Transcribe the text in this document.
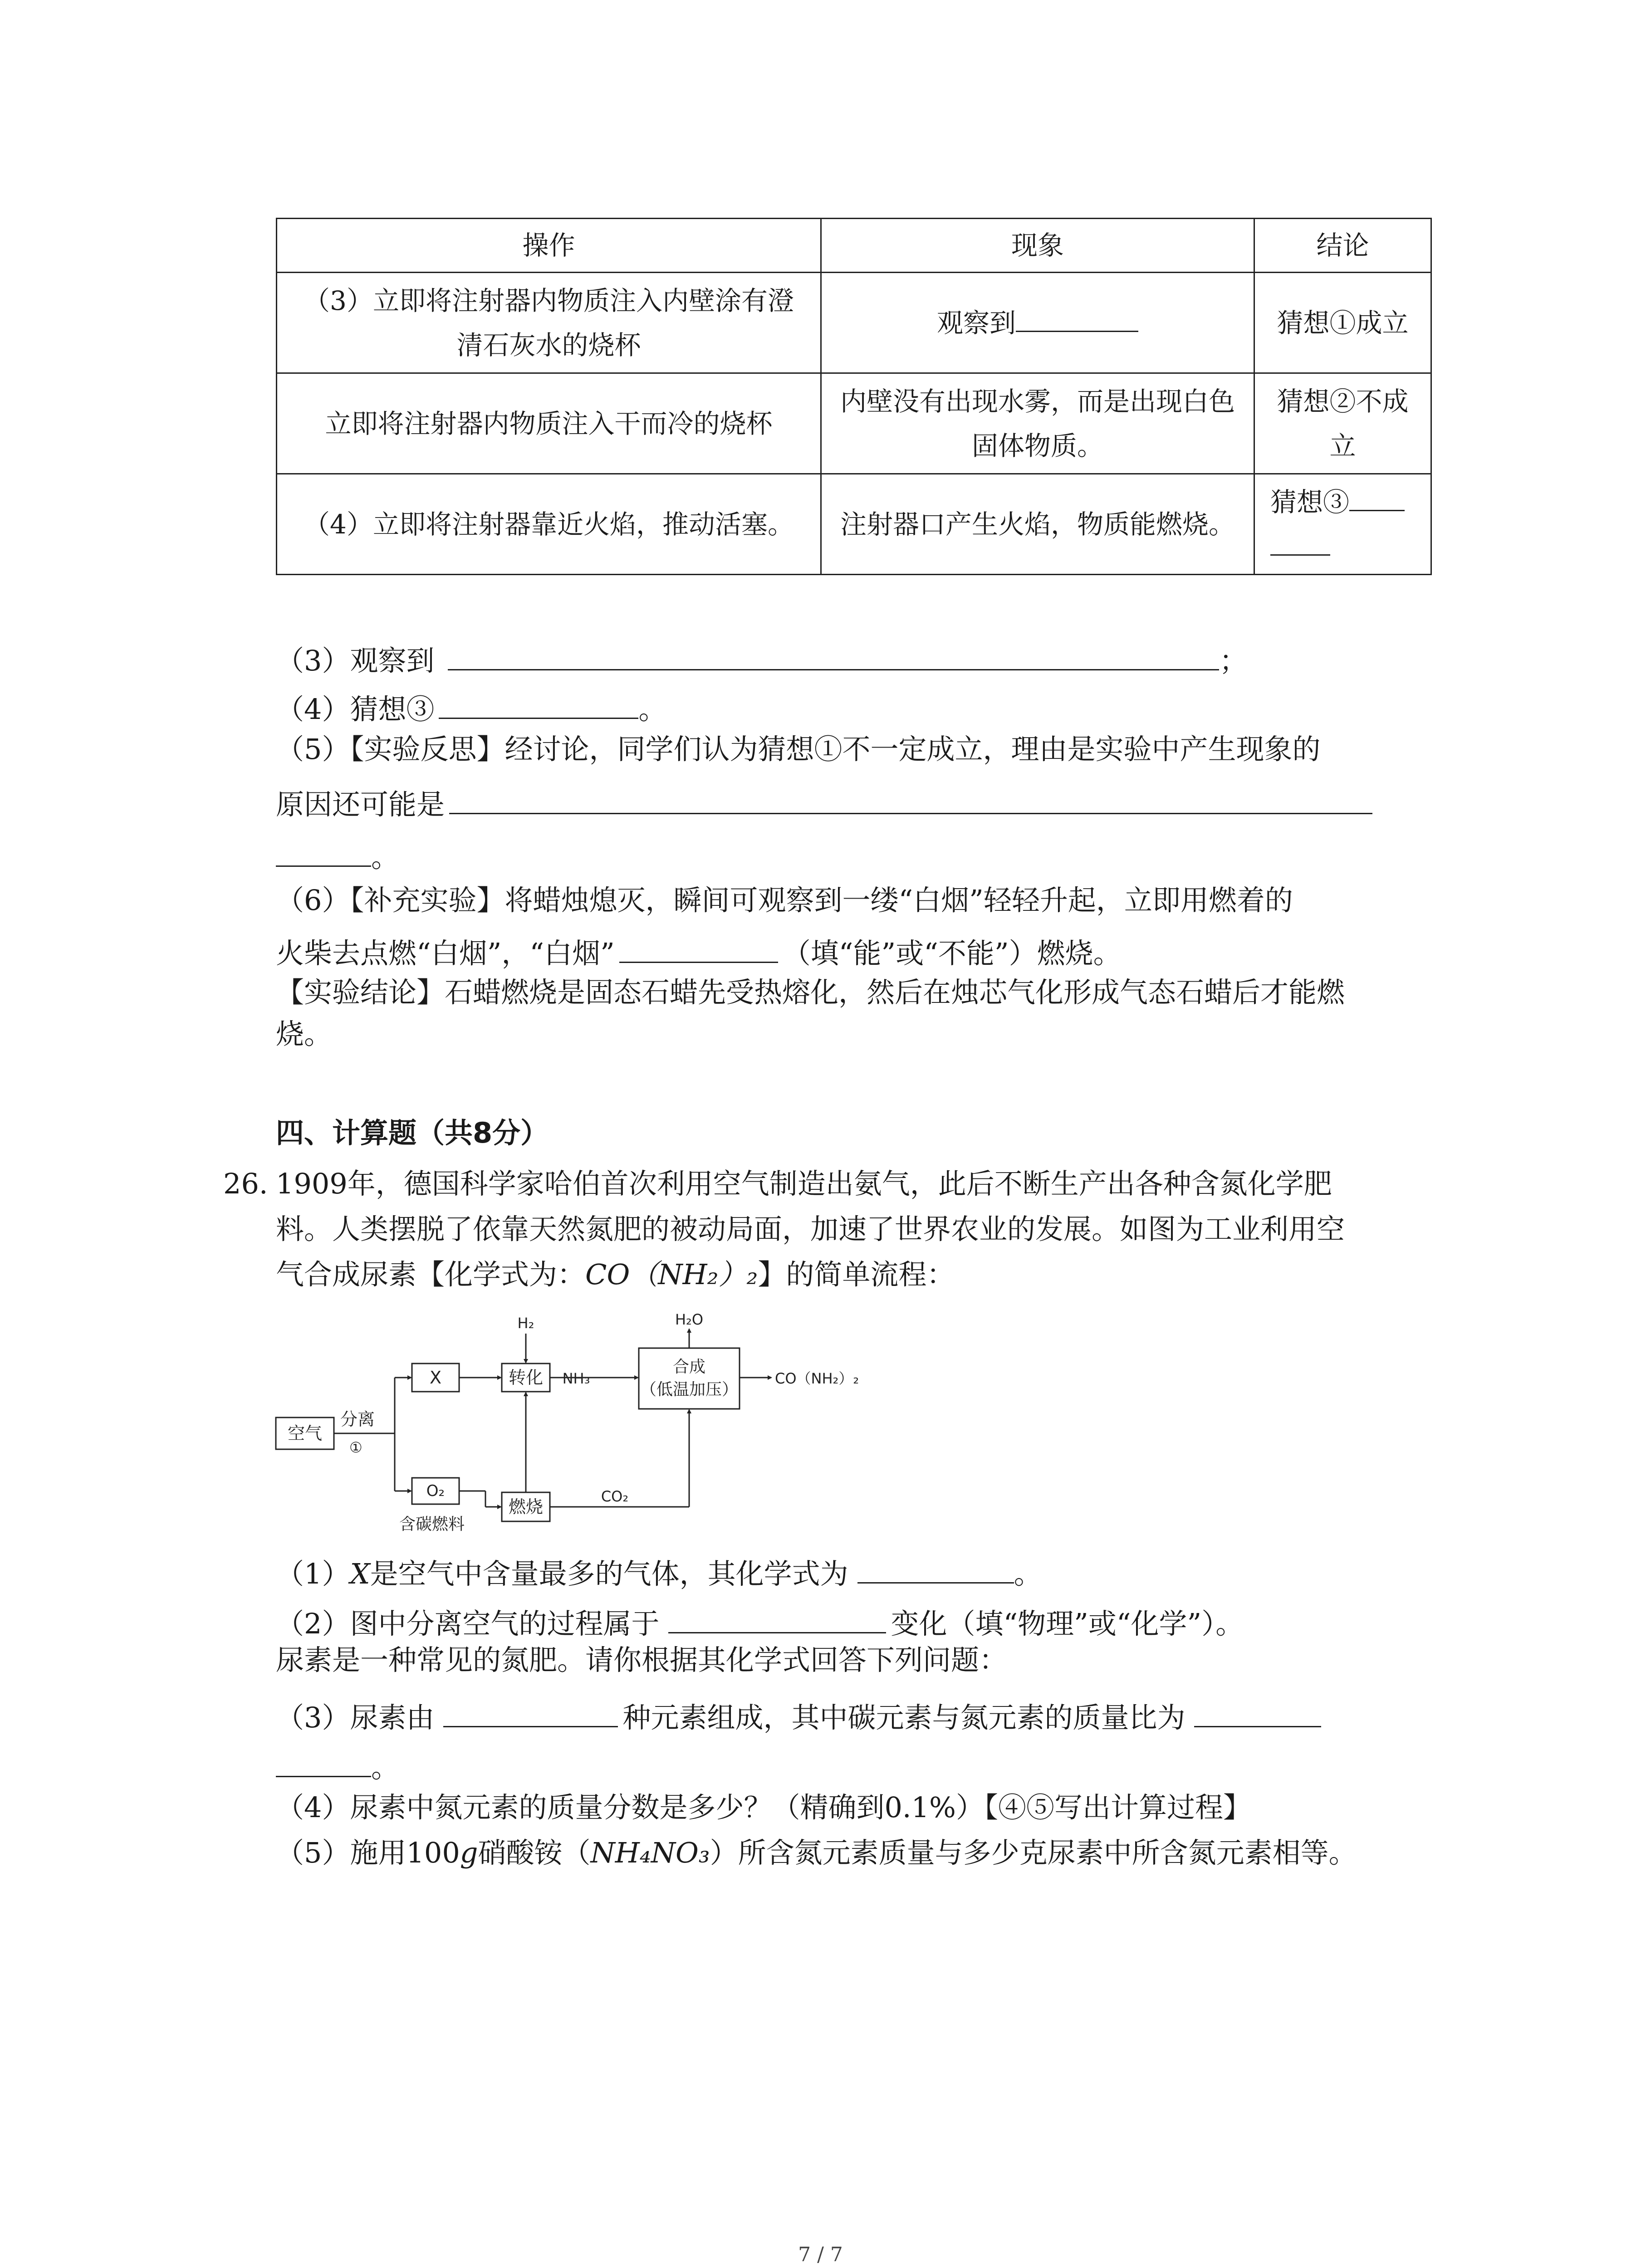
操作	现象	结论
（3）立即将注射器内物质注入内壁涂有澄清石灰水的烧杯	观察到	猜想①成立
立即将注射器内物质注入干而冷的烧杯	内壁没有出现水雾，而是出现白色固体物质。	猜想②不成立
（4）立即将注射器靠近火焰，推动活塞。	注射器口产生火焰，物质能燃烧。	猜想③

（3）观察到	；
（4）猜想③	。
（5）【实验反思】经讨论，同学们认为猜想①不一定成立，理由是实验中产生现象的
原因还可能是
。
（6）【补充实验】将蜡烛熄灭，瞬间可观察到一缕“白烟”轻轻升起，立即用燃着的
火柴去点燃“白烟”，“白烟”	（填“能”或“不能”）燃烧。
【实验结论】石蜡燃烧是固态石蜡先受热熔化，然后在烛芯气化形成气态石蜡后才能燃
烧。
四、计算题（共8分）
26. 1909年，德国科学家哈伯首次利用空气制造出氨气，此后不断生产出各种含氮化学肥
料。人类摆脱了依靠天然氮肥的被动局面，加速了世界农业的发展。如图为工业利用空
气合成尿素【化学式为：CO（NH₂）₂】的简单流程：
空气
分离
①
X
H₂
转化 NH₃
H₂O
合成
（低温加压）
CO（NH₂）₂
O₂
含碳燃料
燃烧
CO₂
（1）X是空气中含量最多的气体，其化学式为	。
（2）图中分离空气的过程属于	变化（填“物理”或“化学”）。
尿素是一种常见的氮肥。请你根据其化学式回答下列问题：
（3）尿素由	种元素组成，其中碳元素与氮元素的质量比为
。
（4）尿素中氮元素的质量分数是多少？（精确到0.1%）【④⑤写出计算过程】
（5）施用100g硝酸铵（NH₄NO₃）所含氮元素质量与多少克尿素中所含氮元素相等。
7 / 7
